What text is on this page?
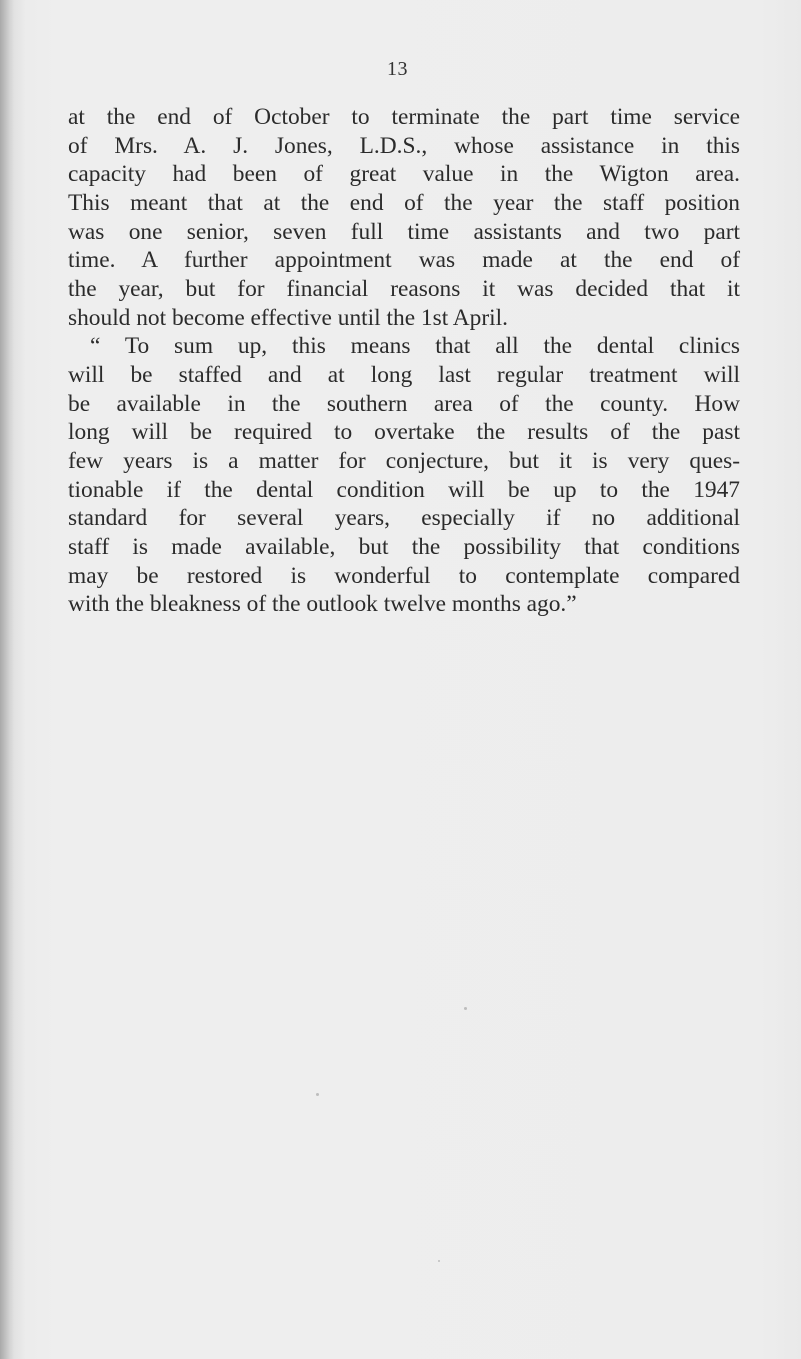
13
at the end of October to terminate the part time service
of Mrs. A. J. Jones, L.D.S., whose assistance in this
capacity had been of great value in the Wigton area.
This meant that at the end of the year the staff position
was one senior, seven full time assistants and two part
time. A further appointment was made at the end of
the year, but for financial reasons it was decided that it
should not become effective until the 1st April.
“ To sum up, this means that all the dental clinics
will be staffed and at long last regular treatment will
be available in the southern area of the county. How
long will be required to overtake the results of the past
few years is a matter for conjecture, but it is very ques-
tionable if the dental condition will be up to the 1947
standard for several years, especially if no additional
staff is made available, but the possibility that conditions
may be restored is wonderful to contemplate compared
with the bleakness of the outlook twelve months ago.”
